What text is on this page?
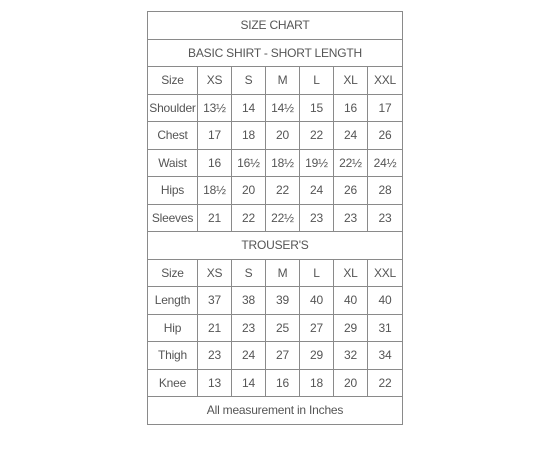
SIZE CHART						
BASIC SHIRT - SHORT LENGTH						
Size	XS	S	M	L	XL	XXL
Shoulder	13½	14	14½	15	16	17
Chest	17	18	20	22	24	26
Waist	16	16½	18½	19½	22½	24½
Hips	18½	20	22	24	26	28
Sleeves	21	22	22½	23	23	23
TROUSER'S						
Size	XS	S	M	L	XL	XXL
Length	37	38	39	40	40	40
Hip	21	23	25	27	29	31
Thigh	23	24	27	29	32	34
Knee	13	14	16	18	20	22
All measurement in Inches						
